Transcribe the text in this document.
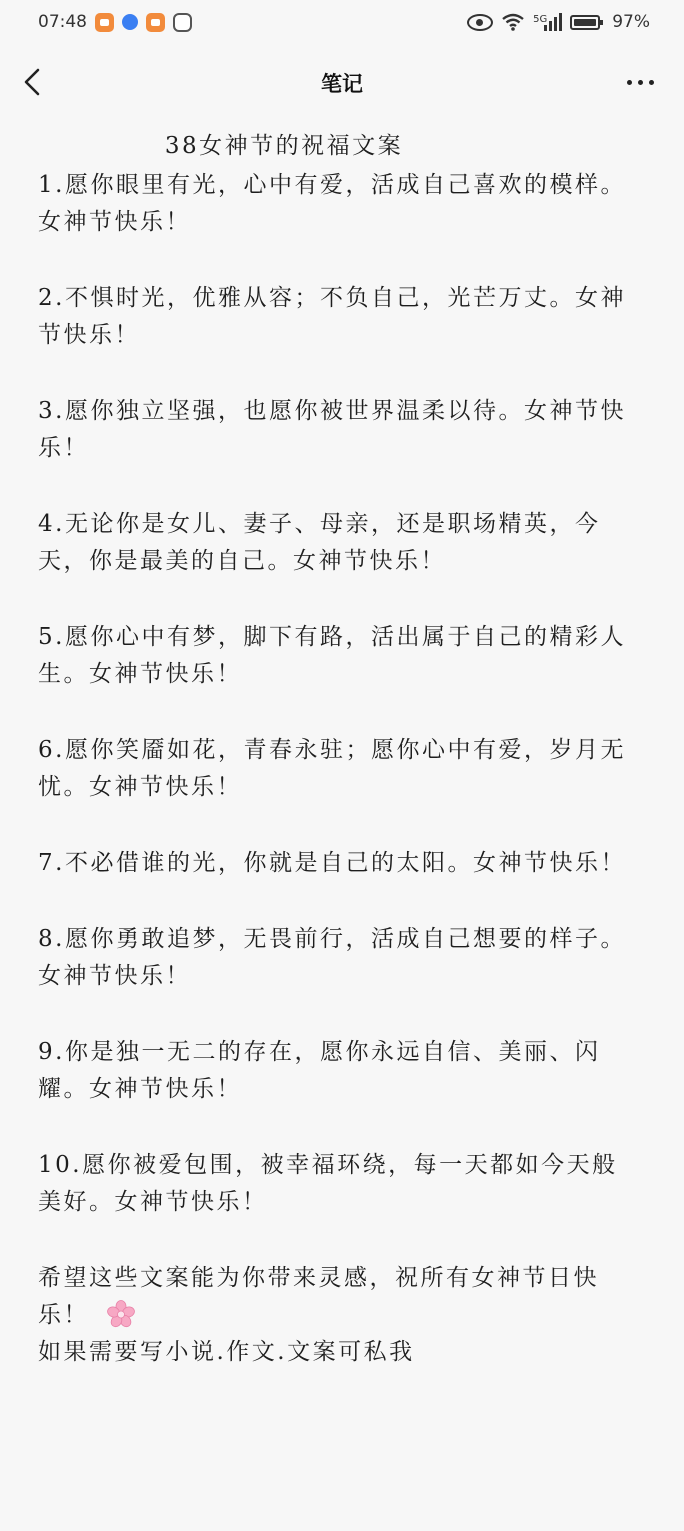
07:48	5G	97%
笔记
38女神节的祝福文案
1.愿你眼里有光，心中有爱，活成自己喜欢的模样。
女神节快乐！
2.不惧时光，优雅从容；不负自己，光芒万丈。女神
节快乐！
3.愿你独立坚强，也愿你被世界温柔以待。女神节快
乐！
4.无论你是女儿、妻子、母亲，还是职场精英，今
天，你是最美的自己。女神节快乐！
5.愿你心中有梦，脚下有路，活出属于自己的精彩人
生。女神节快乐！
6.愿你笑靥如花，青春永驻；愿你心中有爱，岁月无
忧。女神节快乐！
7.不必借谁的光，你就是自己的太阳。女神节快乐！
8.愿你勇敢追梦，无畏前行，活成自己想要的样子。
女神节快乐！
9.你是独一无二的存在，愿你永远自信、美丽、闪
耀。女神节快乐！
10.愿你被爱包围，被幸福环绕，每一天都如今天般
美好。女神节快乐！
希望这些文案能为你带来灵感，祝所有女神节日快
乐！
如果需要写小说.作文.文案可私我
